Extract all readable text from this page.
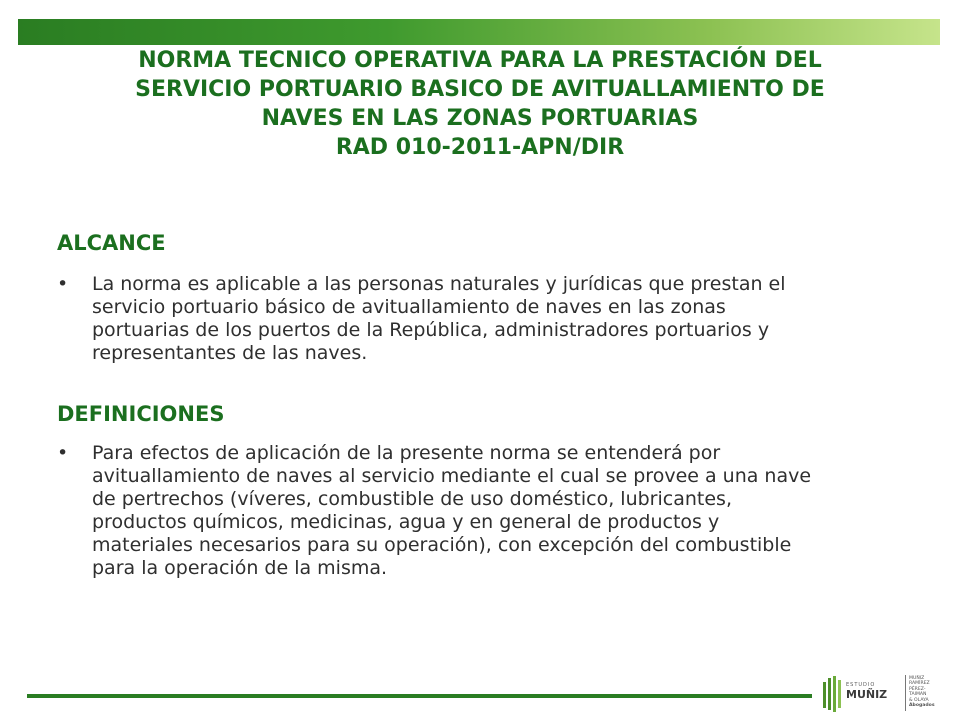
NORMA TECNICO OPERATIVA PARA LA PRESTACIÓN DEL
SERVICIO PORTUARIO BASICO DE AVITUALLAMIENTO DE
NAVES EN LAS ZONAS PORTUARIAS
RAD 010-2011-APN/DIR
ALCANCE
• La norma es aplicable a las personas naturales y jurídicas que prestan el
servicio portuario básico de avituallamiento de naves en las zonas
portuarias de los puertos de la República, administradores portuarios y
representantes de las naves.
DEFINICIONES
• Para efectos de aplicación de la presente norma se entenderá por
avituallamiento de naves al servicio mediante el cual se provee a una nave
de pertrechos (víveres, combustible de uso doméstico, lubricantes,
productos químicos, medicinas, agua y en general de productos y
materiales necesarios para su operación), con excepción del combustible
para la operación de la misma.
ESTUDIO
MUÑIZ
MUÑIZ
RAMÍREZ
PÉREZ-TAIMAN
& OLAYA
Abogados
